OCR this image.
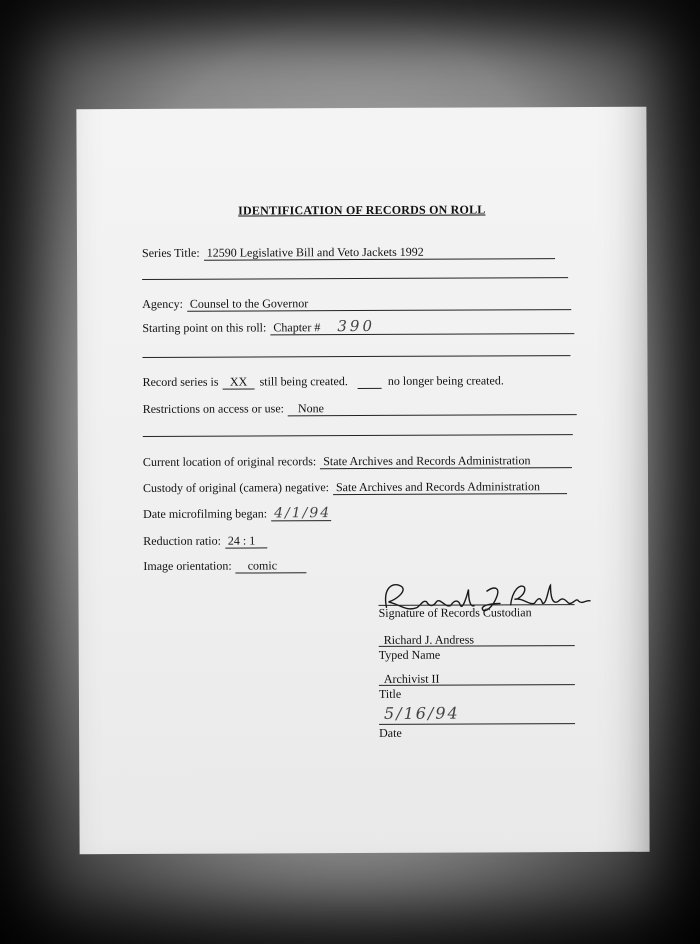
IDENTIFICATION OF RECORDS ON ROLL
Series Title: 12590 Legislative Bill and Veto Jackets 1992
Agency: Counsel to the Governor
Starting point on this roll: Chapter # 390
Record series is XX	still being created.	no longer being created.
Restrictions on access or use:	None
Current location of original records: State Archives and Records Administration
Custody of original (camera) negative: Sate Archives and Records Administration
Date microfilming began: 4/1/94
Reduction ratio: 24 : 1
Image orientation:	comic
Signature of Records Custodian
Richard J. Andress
Typed Name
Archivist II
Title
5/16/94
Date
